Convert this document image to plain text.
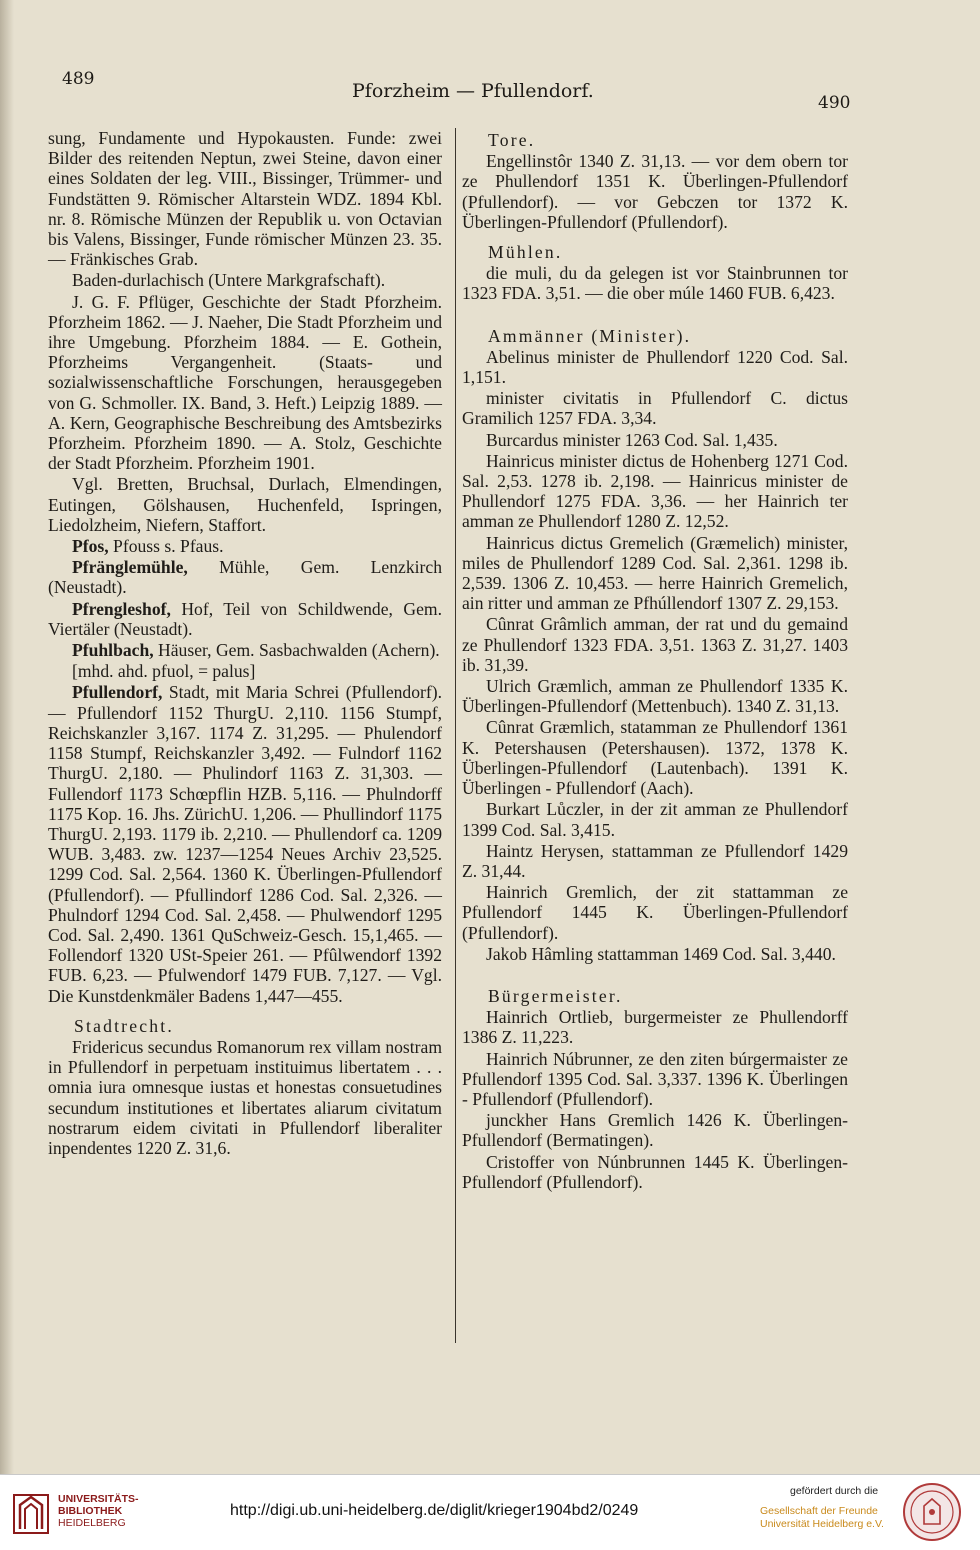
489
Pforzheim — Pfullendorf.
490

sung, Fundamente und Hypokausten. Funde: zwei Bilder des reitenden Neptun, zwei Steine, davon einer eines Soldaten der leg. VIII., Bissinger, Trümmer- und Fundstätten 9. Römischer Altarstein WDZ. 1894 Kbl. nr. 8. Römische Münzen der Republik u. von Octavian bis Valens, Bissinger, Funde römischer Münzen 23. 35. — Fränkisches Grab.

Baden-durlachisch (Untere Markgrafschaft).

J. G. F. Pflüger, Geschichte der Stadt Pforzheim. Pforzheim 1862. — J. Naeher, Die Stadt Pforzheim und ihre Umgebung. Pforzheim 1884. — E. Gothein, Pforzheims Vergangenheit. (Staats- und sozialwissenschaftliche Forschungen, herausgegeben von G. Schmoller. IX. Band, 3. Heft.) Leipzig 1889. — A. Kern, Geographische Beschreibung des Amtsbezirks Pforzheim. Pforzheim 1890. — A. Stolz, Geschichte der Stadt Pforzheim. Pforzheim 1901.

Vgl. Bretten, Bruchsal, Durlach, Elmendingen, Eutingen, Gölshausen, Huchenfeld, Ispringen, Liedolzheim, Niefern, Staffort.

Pfos, Pfouss s. Pfaus.

Pfränglemühle, Mühle, Gem. Lenzkirch (Neustadt).

Pfrengleshof, Hof, Teil von Schildwende, Gem. Viertäler (Neustadt).

Pfuhlbach, Häuser, Gem. Sasbachwalden (Achern).

[mhd. ahd. pfuol, = palus]

Pfullendorf, Stadt, mit Maria Schrei (Pfullendorf). — Pfullendorf 1152 ThurgU. 2,110. 1156 Stumpf, Reichskanzler 3,167. 1174 Z. 31,295. — Phulendorf 1158 Stumpf, Reichskanzler 3,492. — Fulndorf 1162 ThurgU. 2,180. — Phulindorf 1163 Z. 31,303. — Fullendorf 1173 Schœpflin HZB. 5,116. — Phulndorff 1175 Kop. 16. Jhs. ZürichU. 1,206. — Phullindorf 1175 ThurgU. 2,193. 1179 ib. 2,210. — Phullendorf ca. 1209 WUB. 3,483. zw. 1237—1254 Neues Archiv 23,525. 1299 Cod. Sal. 2,564. 1360 K. Überlingen-Pfullendorf (Pfullendorf). — Pfullindorf 1286 Cod. Sal. 2,326. — Phulndorf 1294 Cod. Sal. 2,458. — Phulwendorf 1295 Cod. Sal. 2,490. 1361 QuSchweiz-Gesch. 15,1,465. — Follendorf 1320 USt-Speier 261. — Pfûlwendorf 1392 FUB. 6,23. — Pfulwendorf 1479 FUB. 7,127. — Vgl. Die Kunstdenkmäler Badens 1,447—455.

Stadtrecht.

Fridericus secundus Romanorum rex villam nostram in Pfullendorf in perpetuam instituimus libertatem . . . omnia iura omnesque iustas et honestas consuetudines secundum institutiones et libertates aliarum civitatum nostrarum eidem civitati in Pfullendorf liberaliter inpendentes 1220 Z. 31,6.

Tore.

Engellinstôr 1340 Z. 31,13. — vor dem obern tor ze Phullendorf 1351 K. Überlingen-Pfullendorf (Pfullendorf). — vor Gebczen tor 1372 K. Überlingen-Pfullendorf (Pfullendorf).

Mühlen.

die muli, du da gelegen ist vor Stainbrunnen tor 1323 FDA. 3,51. — die ober múle 1460 FUB. 6,423.

Ammänner (Minister).

Abelinus minister de Phullendorf 1220 Cod. Sal. 1,151.

minister civitatis in Pfullendorf C. dictus Gramilich 1257 FDA. 3,34.

Burcardus minister 1263 Cod. Sal. 1,435.

Hainricus minister dictus de Hohenberg 1271 Cod. Sal. 2,53. 1278 ib. 2,198. — Hainricus minister de Phullendorf 1275 FDA. 3,36. — her Hainrich ter amman ze Phullendorf 1280 Z. 12,52.

Hainricus dictus Gremelich (Græmelich) minister, miles de Phullendorf 1289 Cod. Sal. 2,361. 1298 ib. 2,539. 1306 Z. 10,453. — herre Hainrich Gremelich, ain ritter und amman ze Pfhúllendorf 1307 Z. 29,153.

Cûnrat Grâmlich amman, der rat und du gemaind ze Phullendorf 1323 FDA. 3,51. 1363 Z. 31,27. 1403 ib. 31,39.

Ulrich Græmlich, amman ze Phullendorf 1335 K. Überlingen-Pfullendorf (Mettenbuch). 1340 Z. 31,13.

Cûnrat Græmlich, statamman ze Phullendorf 1361 K. Petershausen (Petershausen). 1372, 1378 K. Überlingen-Pfullendorf (Lautenbach). 1391 K. Überlingen - Pfullendorf (Aach).

Burkart Lůczler, in der zit amman ze Phullendorf 1399 Cod. Sal. 3,415.

Haintz Herysen, stattamman ze Pfullendorf 1429 Z. 31,44.

Hainrich Gremlich, der zit stattamman ze Pfullendorf 1445 K. Überlingen-Pfullendorf (Pfullendorf).

Jakob Hâmling stattamman 1469 Cod. Sal. 3,440.

Bürgermeister.

Hainrich Ortlieb, burgermeister ze Phullendorff 1386 Z. 11,223.

Hainrich Núbrunner, ze den ziten búrgermaister ze Pfullendorf 1395 Cod. Sal. 3,337. 1396 K. Überlingen - Pfullendorf (Pfullendorf).

junckher Hans Gremlich 1426 K. Überlingen-Pfullendorf (Bermatingen).

Cristoffer von Núnbrunnen 1445 K. Überlingen-Pfullendorf (Pfullendorf).

UNIVERSITÄTS-
BIBLIOTHEK
HEIDELBERG
http://digi.ub.uni-heidelberg.de/diglit/krieger1904bd2/0249
gefördert durch die
Gesellschaft der Freunde
Universität Heidelberg e.V.
